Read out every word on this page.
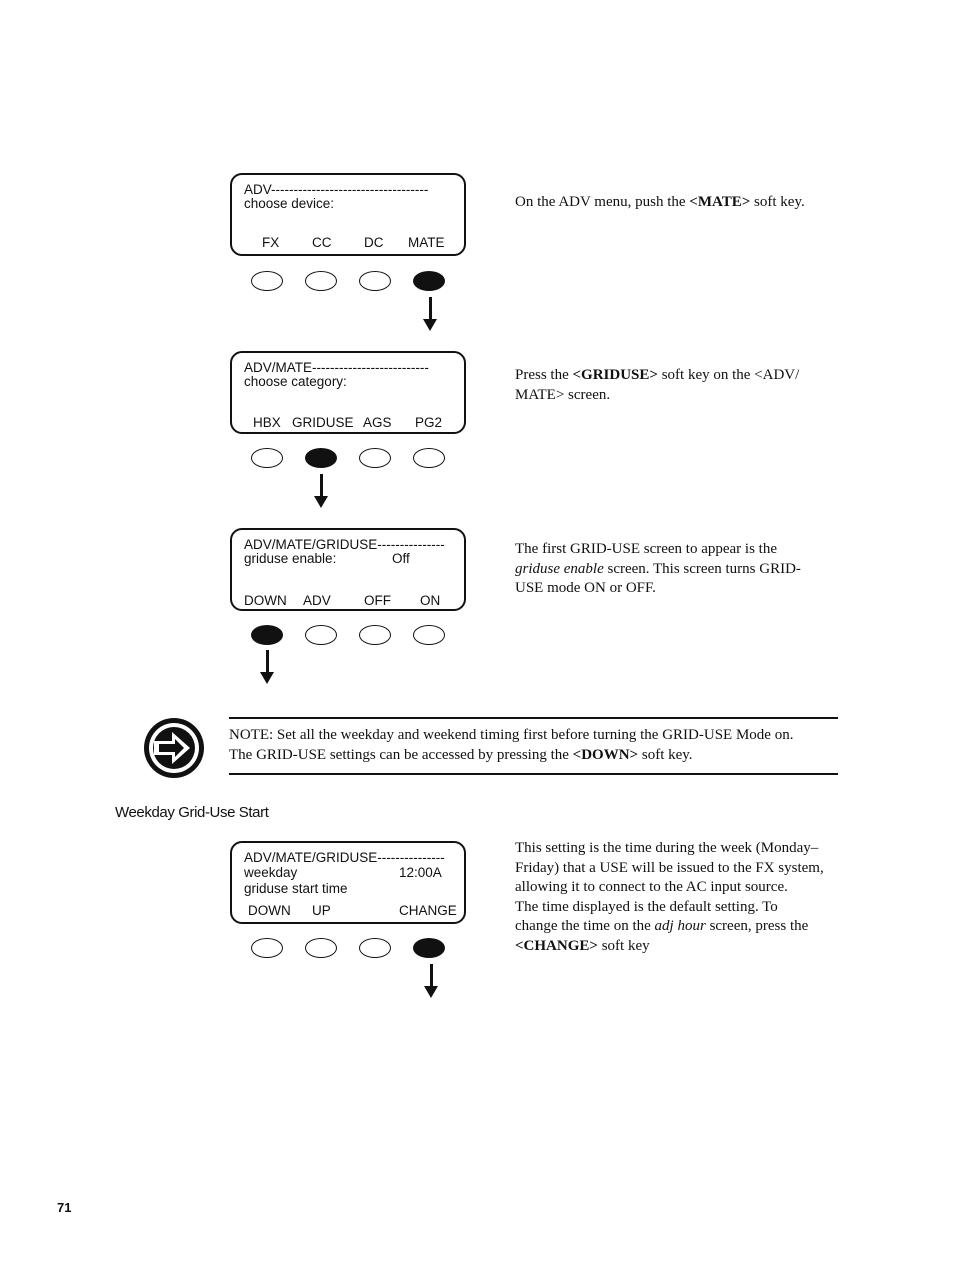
ADV-----------------------------------
choose device:
FX CC DC MATE
On the ADV menu, push the <MATE> soft key.
ADV/MATE--------------------------
choose category:
HBX GRIDUSE AGS PG2
Press the <GRIDUSE> soft key on the <ADV/
MATE> screen.
ADV/MATE/GRIDUSE---------------
griduse enable:	Off
DOWN ADV OFF ON
The first GRID-USE screen to appear is the
griduse enable screen. This screen turns GRID-
USE mode ON or OFF.
NOTE: Set all the weekday and weekend timing first before turning the GRID-USE Mode on.
The GRID-USE settings can be accessed by pressing the <DOWN> soft key.
Weekday Grid-Use Start
ADV/MATE/GRIDUSE---------------
weekday	12:00A
griduse start time
DOWN UP	CHANGE
This setting is the time during the week (Monday–
Friday) that a USE will be issued to the FX system,
allowing it to connect to the AC input source.
The time displayed is the default setting. To
change the time on the adj hour screen, press the
<CHANGE> soft key
71
